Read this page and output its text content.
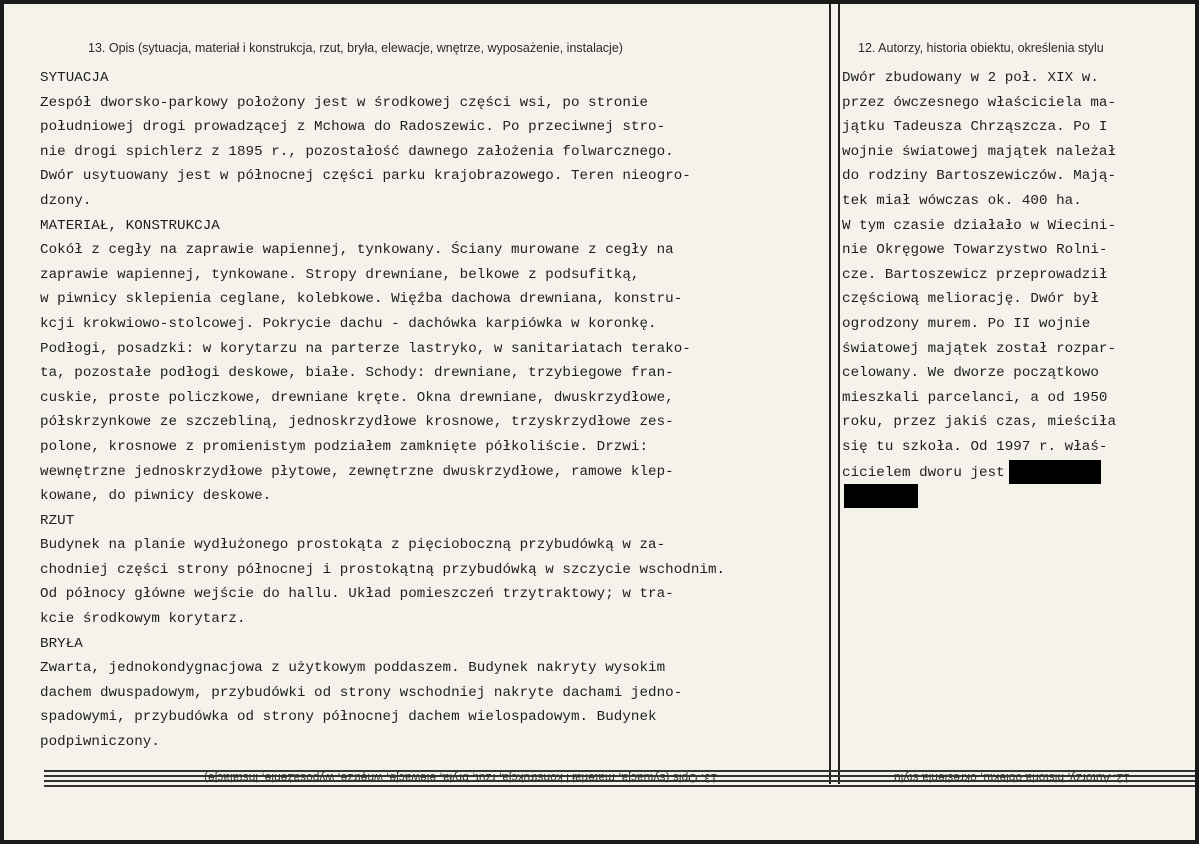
13. Opis (sytuacja, materiał i konstrukcja, rzut, bryła, elewacje, wnętrze, wyposażenie, instalacje)	12. Autorzy, historia obiektu, określenia stylu
SYTUACJA
Zespół dworsko-parkowy położony jest w środkowej części wsi, po stronie
południowej drogi prowadzącej z Mchowa do Radoszewic. Po przeciwnej stro-
nie drogi spichlerz z 1895 r., pozostałość dawnego założenia folwarcznego.
Dwór usytuowany jest w północnej części parku krajobrazowego. Teren nieogro-
dzony.
MATERIAŁ, KONSTRUKCJA
Cokół z cegły na zaprawie wapiennej, tynkowany. Ściany murowane z cegły na
zaprawie wapiennej, tynkowane. Stropy drewniane, belkowe z podsufitką,
w piwnicy sklepienia ceglane, kolebkowe. Więźba dachowa drewniana, konstru-
kcji krokwiowo-stolcowej. Pokrycie dachu - dachówka karpiówka w koronkę.
Podłogi, posadzki: w korytarzu na parterze lastryko, w sanitariatach terako-
ta, pozostałe podłogi deskowe, białe. Schody: drewniane, trzybiegowe fran-
cuskie, proste policzkowe, drewniane kręte. Okna drewniane, dwuskrzydłowe,
półskrzynkowe ze szczebliną, jednoskrzydłowe krosnowe, trzyskrzydłowe zes-
polone, krosnowe z promienistym podziałem zamknięte półkoliście. Drzwi:
wewnętrzne jednoskrzydłowe płytowe, zewnętrzne dwuskrzydłowe, ramowe klep-
kowane, do piwnicy deskowe.
RZUT
Budynek na planie wydłużonego prostokąta z pięcioboczną przybudówką w za-
chodniej części strony północnej i prostokątną przybudówką w szczycie wschodnim.
Od północy główne wejście do hallu. Układ pomieszczeń trzytraktowy; w tra-
kcie środkowym korytarz.
BRYŁA
Zwarta, jednokondygnacjowa z użytkowym poddaszem. Budynek nakryty wysokim
dachem dwuspadowym, przybudówki od strony wschodniej nakryte dachami jedno-
spadowymi, przybudówka od strony północnej dachem wielospadowym. Budynek
podpiwniczony.
Dwór zbudowany w 2 poł. XIX w.
przez ówczesnego właściciela ma-
jątku Tadeusza Chrząszcza. Po I
wojnie światowej majątek należał
do rodziny Bartoszewiczów. Mają-
tek miał wówczas ok. 400 ha.
W tym czasie działało w Wiecini-
nie Okręgowe Towarzystwo Rolni-
cze. Bartoszewicz przeprowadził
częściową meliorację. Dwór był
ogrodzony murem. Po II wojnie
światowej majątek został rozpar-
celowany. We dworze początkowo
mieszkali parcelanci, a od 1950
roku, przez jakiś czas, mieściła
się tu szkoła. Od 1997 r. właś-
cicielem dworu jest
13. Opis (sytuacja, materiał i konstrukcja, rzut, bryła, elewacje, wnętrze, wyposażenie, instalacje)	12. Autorzy, historia obiektu, określenia stylu
